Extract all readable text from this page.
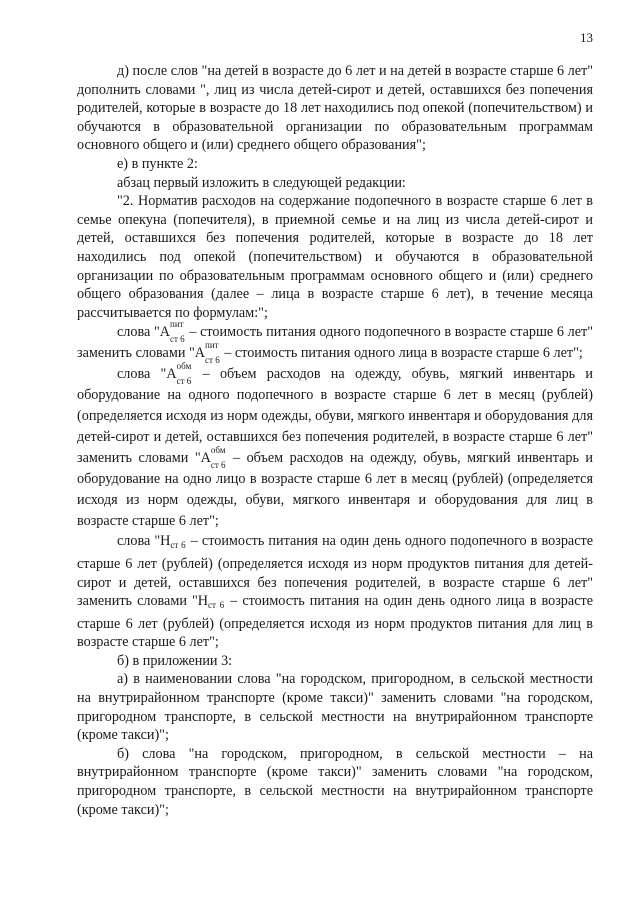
13

д) после слов "на детей в возрасте до 6 лет и на детей в возрасте старше 6 лет" дополнить словами ", лиц из числа детей-сирот и детей, оставшихся без попечения родителей, которые в возрасте до 18 лет находились под опекой (попечительством) и обучаются в образовательной организации по образовательным программам основного общего и (или) среднего общего образования";

е) в пункте 2:

абзац первый изложить в следующей редакции:

"2. Норматив расходов на содержание подопечного в возрасте старше 6 лет в семье опекуна (попечителя), в приемной семье и на лиц из числа детей-сирот и детей, оставшихся без попечения родителей, которые в возрасте до 18 лет находились под опекой (попечительством) и обучаются в образовательной организации по образовательным программам основного общего и (или) среднего общего образования (далее – лица в возрасте старше 6 лет), в течение месяца рассчитывается по формулам:";

слова "А
пит
ст 6 – стоимость питания одного подопечного в возрасте старше 6 лет" заменить словами "А
пит
ст 6 – стоимость питания одного лица в возрасте старше 6 лет";

слова "А
обм
ст 6 – объем расходов на одежду, обувь, мягкий инвентарь и оборудование на одного подопечного в возрасте старше 6 лет в месяц (рублей) (определяется исходя из норм одежды, обуви, мягкого инвентаря и оборудования для детей-сирот и детей, оставшихся без попечения родителей, в возрасте старше 6 лет" заменить словами "А
обм
ст 6 – объем расходов на одежду, обувь, мягкий инвентарь и оборудование на одно лицо в возрасте старше 6 лет в месяц (рублей) (определяется исходя из норм одежды, обуви, мягкого инвентаря и оборудования для лиц в возрасте старше 6 лет";

слова "$Н_{ст 6}$ – стоимость питания на один день одного подопечного в возрасте старше 6 лет (рублей) (определяется исходя из норм продуктов питания для детей-сирот и детей, оставшихся без попечения родителей, в возрасте старше 6 лет" заменить словами "$Н_{ст 6}$ – стоимость питания на один день одного лица в возрасте старше 6 лет (рублей) (определяется исходя из норм продуктов питания для лиц в возрасте старше 6 лет";

б) в приложении 3:

а) в наименовании слова "на городском, пригородном, в сельской местности на внутрирайонном транспорте (кроме такси)" заменить словами "на городском, пригородном транспорте, в сельской местности на внутрирайонном транспорте (кроме такси)";

б) слова "на городском, пригородном, в сельской местности – на внутрирайонном транспорте (кроме такси)" заменить словами "на городском, пригородном транспорте, в сельской местности на внутрирайонном транспорте (кроме такси)";
